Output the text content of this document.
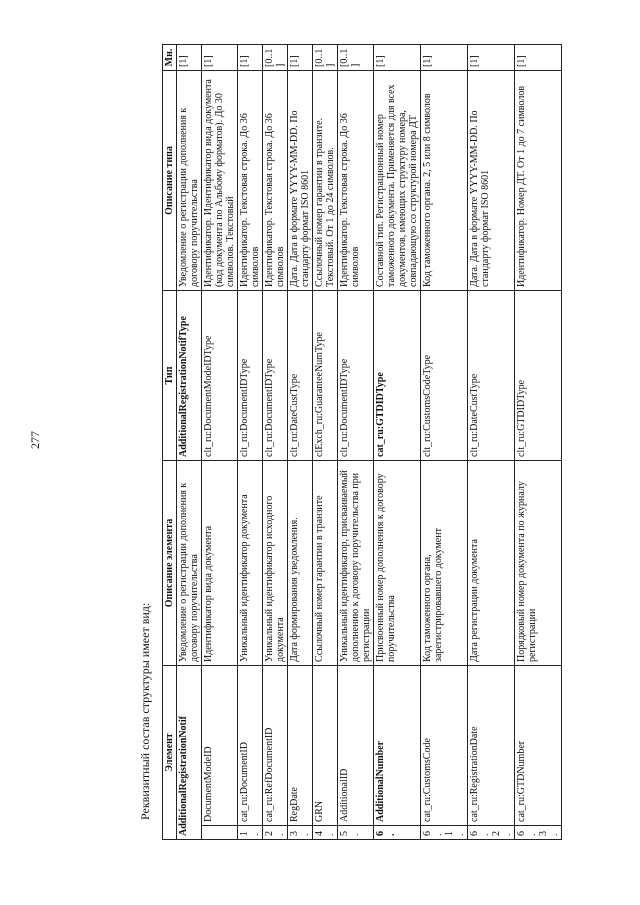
277
Реквизитный состав структуры имеет вид: Элемент		Описание элемента	Тип	Описание типа	Мн.
AdditionalRegistrationNotif		Уведомление о регистрации дополнения к договору поручительства	AdditionalRegistrationNotifType	Уведомление о регистрации дополнения к договору поручительства	[1]
	DocumentModeID	Идентификатор вида документа	clt_ru:DocumentModeIDType	Идентификатор. Идентификатор вида документа (код документа по Альбому форматов). До 30 символов. Текстовый	[1]
1.	cat_ru:DocumentID	Уникальный идентификатор документа	clt_ru:DocumentIDType	Идентификатор. Текстовая строка. До 36 символов	[1]
2.	cat_ru:RefDocumentID	Уникальный идентификатор исходного документа	clt_ru:DocumentIDType	Идентификатор. Текстовая строка. До 36 символов	[0..1]
3.	RegDate	Дата формирования уведомления.	clt_ru:DateCustType	Дата. Дата в формате YYYY-MM-DD. По стандарту формат ISO 8601	[1]
4.	GRN	Ссылочный номер гарантии в транзите	clExch_ru:GuaranteeNumType	Ссылочный номер гарантии в транзите. Текстовый. От 1 до 24 символов.	[0..1]
5.	AdditionalID	Уникальный идентификатор, присваиваемый дополнению к договору поручительства при регистрации	clt_ru:DocumentIDType	Идентификатор. Текстовая строка. До 36 символов	[0..1]
6.	AdditionalNumber	Присвоенный номер дополнения к договору поручительства	cat_ru:GTDIDType	Составной тип. Регистрационный номер таможенного документа. Применяется для всех документов, имеющих структуру номера, совпадающую со структурой номера ДТ	[1]
6.1.	cat_ru:CustomsCode	Код таможенного органа, зарегистрировавшего документ	clt_ru:CustomsCodeType	Код таможенного органа. 2, 5 или 8 символов	[1]
6.2.	cat_ru:RegistrationDate	Дата регистрации документа	clt_ru:DateCustType	Дата. Дата в формате YYYY-MM-DD. По стандарту формат ISO 8601	[1]
6.3.	cat_ru:GTDNumber	Порядковый номер документа по журналу регистрации	clt_ru:GTDIDType	Идентификатор. Номер ДТ. От 1 до 7 символов	[1]
